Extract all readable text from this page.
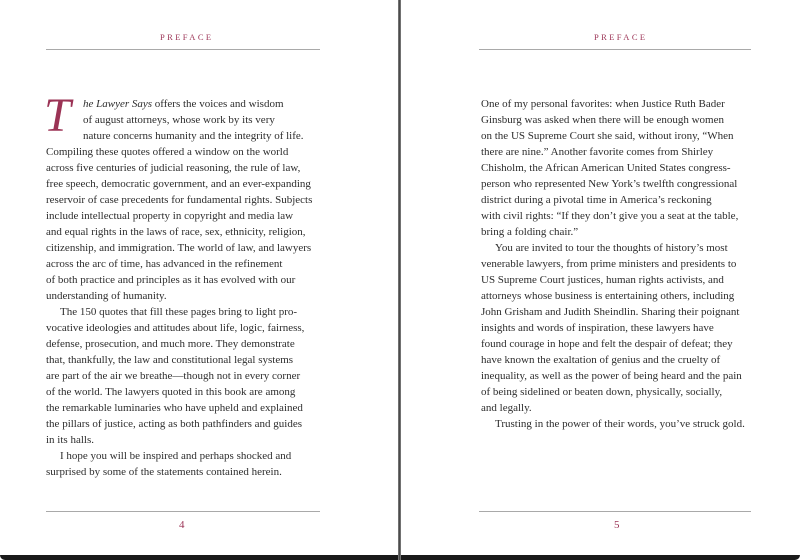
PREFACE
T	he Lawyer Says offers the voices and wisdom
of august attorneys, whose work by its very
nature concerns humanity and the integrity of life.
Compiling these quotes offered a window on the world
across five centuries of judicial reasoning, the rule of law,
free speech, democratic government, and an ever-expanding
reservoir of case precedents for fundamental rights. Subjects
include intellectual property in copyright and media law
and equal rights in the laws of race, sex, ethnicity, religion,
citizenship, and immigration. The world of law, and lawyers
across the arc of time, has advanced in the refinement
of both practice and principles as it has evolved with our
understanding of humanity.
The 150 quotes that fill these pages bring to light pro-
vocative ideologies and attitudes about life, logic, fairness,
defense, prosecution, and much more. They demonstrate
that, thankfully, the law and constitutional legal systems
are part of the air we breathe—though not in every corner
of the world. The lawyers quoted in this book are among
the remarkable luminaries who have upheld and explained
the pillars of justice, acting as both pathfinders and guides
in its halls.
I hope you will be inspired and perhaps shocked and
surprised by some of the statements contained herein.
4
PREFACE
One of my personal favorites: when Justice Ruth Bader
Ginsburg was asked when there will be enough women
on the US Supreme Court she said, without irony, “When
there are nine.” Another favorite comes from Shirley
Chisholm, the African American United States congress-
person who represented New York’s twelfth congressional
district during a pivotal time in America’s reckoning
with civil rights: “If they don’t give you a seat at the table,
bring a folding chair.”
You are invited to tour the thoughts of history’s most
venerable lawyers, from prime ministers and presidents to
US Supreme Court justices, human rights activists, and
attorneys whose business is entertaining others, including
John Grisham and Judith Sheindlin. Sharing their poignant
insights and words of inspiration, these lawyers have
found courage in hope and felt the despair of defeat; they
have known the exaltation of genius and the cruelty of
inequality, as well as the power of being heard and the pain
of being sidelined or beaten down, physically, socially,
and legally.
Trusting in the power of their words, you’ve struck gold.
5
